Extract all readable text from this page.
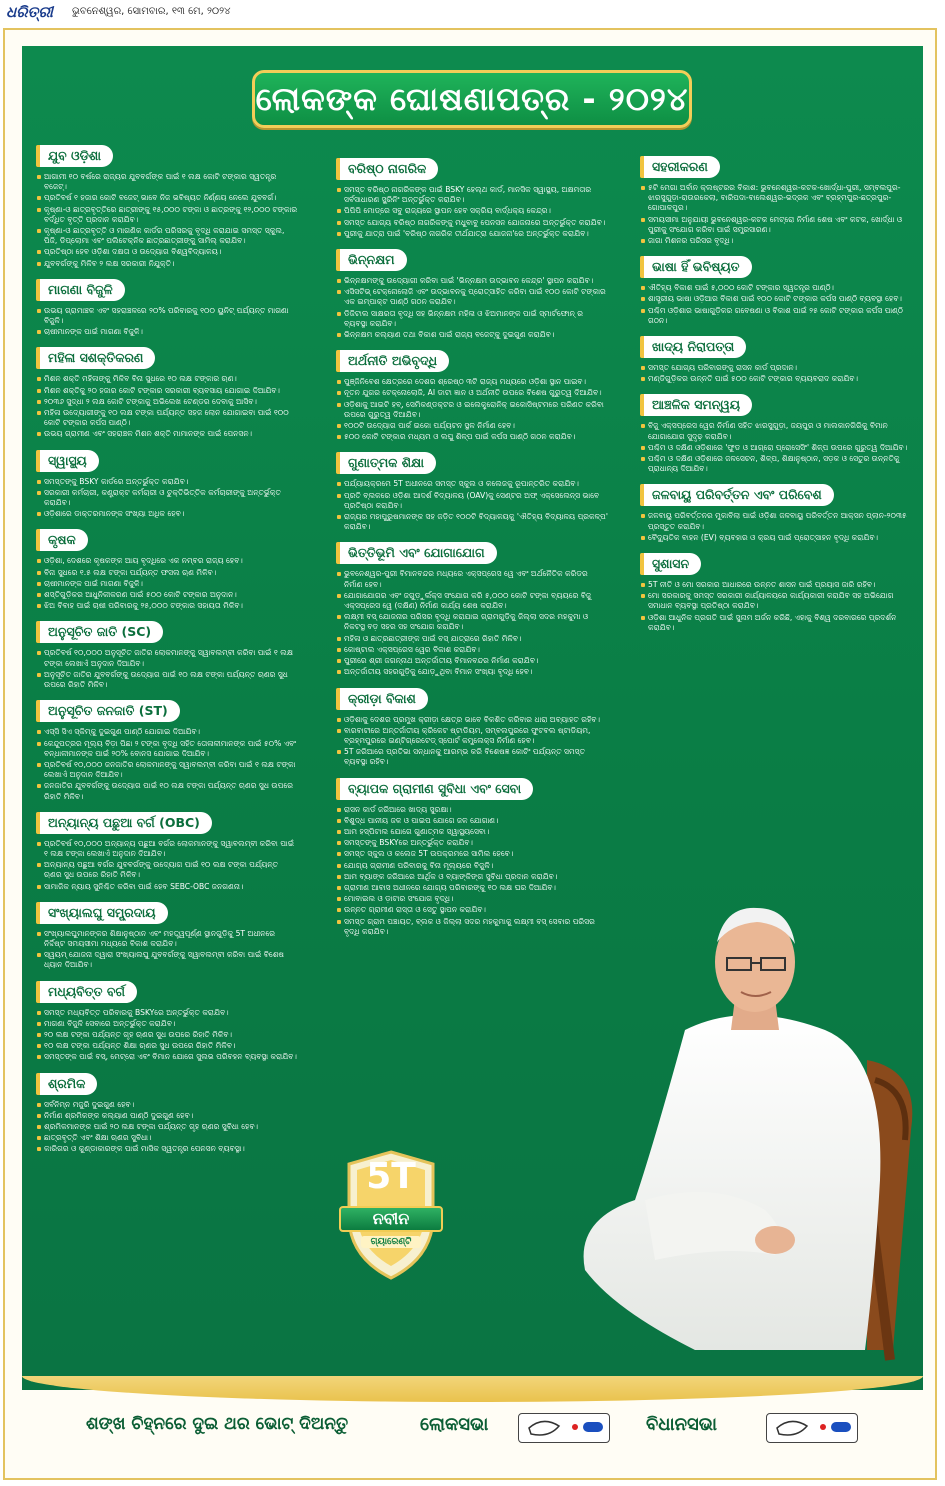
ଧରିତ୍ରୀ ଭୁବନେଶ୍ୱର, ସୋମବାର, ୧୩ ମେ, ୨୦୨୪
ଲୋକଙ୍କ ଘୋଷଣାପତ୍ର - ୨୦୨୪
ଯୁବ ଓଡ଼ିଶା
ଆଗାମୀ ୧୦ ବର୍ଷରେ ରାଜ୍ୟର ଯୁବବର୍ଗଙ୍କ ପାଇଁ ୧ ଲକ୍ଷ କୋଟି ଟଙ୍କାର ସ୍ୱତନ୍ତ୍ର ବଜେଟ୍।
ପ୍ରତିବର୍ଷ ୧ ହଜାର କୋଟି ବଜେଟ୍ ଭାବେ ନିଜ ଭବିଷ୍ୟତ ନିର୍ଣ୍ଣୟ ନେଲେ ଯୁବବର୍ଗ।
କୃଷ୍ଣା-ଓ ଛାତ୍ରବୃତ୍ତିରେ ଛାତ୍ରୀଙ୍କୁ ୧୫,୦୦୦ ଟଙ୍କା ଓ ଛାତ୍ରଙ୍କୁ ୧୨,୦୦୦ ଟଙ୍କାର ବର୍ଦ୍ଧିତ ବୃତ୍ତି ପ୍ରଦାନ କରାଯିବ।
କୃଷ୍ଣା-ଓ ଛାତ୍ରବୃତ୍ତି ଓ ମାଗଣିକ କାର୍ଡର ପରିସରକୁ ବୃଦ୍ଧି କରାଯାଇ ସମସ୍ତ ସ୍କୁଲ, ପିଜି, ଡିପ୍ଲୋମା ଏବଂ ପଲିଟେକ୍ନିକ ଛାତ୍ରଛାତ୍ରୀଙ୍କୁ ସାମିଲ୍ କରାଯିବ।
ପ୍ରତିଷ୍ଠା ହେବ ଓଡ଼ିଶା ଦକ୍ଷତା ଓ ଉଦ୍ୟୋଗ ବିଶ୍ୱବିଦ୍ୟାଳୟ।
ଯୁବବର୍ଗଙ୍କୁ ମିଳିବ ୨ ଲକ୍ଷ ସରକାରୀ ନିଯୁକ୍ତି।
ମାଗଣା ବିଜୁଳି
ଉଭୟ ଗ୍ରାମାଞ୍ଚଳ ଏବଂ ସହରାଞ୍ଚଳରେ ୨୦% ପରିବାରକୁ ୧୦୦ ୟୁନିଟ୍ ପର୍ଯ୍ୟନ୍ତ ମାଗଣା ବିଜୁଳି।
ଚାଷୀମାନଙ୍କ ପାଇଁ ମାଗଣା ବିଜୁଳି।
ମହିଳା ସଶକ୍ତିକରଣ
ମିଶନ ଶକ୍ତି ମହିଳାଙ୍କୁ ମିଳିବ ବିନା ସୁଧରେ ୧୦ ଲକ୍ଷ ଟଙ୍କାର ଋଣ।
ମିଶନ ଶକ୍ତିକୁ ୨୦ ହଜାର କୋଟି ଟଙ୍କାର ସରକାରୀ ବ୍ୟବସାୟ ଯୋଗାଇ ଦିଆଯିବ।
୨୦୩୬ ସୁଦ୍ଧା ୨ ଲକ୍ଷ କୋଟି ଟଙ୍କାକୁ ଅଭିଲେଖ ଟେଣ୍ଡର ଦେବାକୁ ଆସିବ।
ମହିଳା ଉଦ୍ୟୋଗୀଙ୍କୁ ୧୦ ଲକ୍ଷ ଟଙ୍କା ପର୍ଯ୍ୟନ୍ତ ସହଜ ଲୋନ ଯୋଗାଇବା ପାଇଁ ୧୦୦ କୋଟି ଟଙ୍କାର କର୍ପସ ପାଣ୍ଠି।
ଉଭୟ ଗ୍ରାମୀଣ ଏବଂ ସହରାଞ୍ଚଳ ମିଶନ ଶକ୍ତି ମାମାନଙ୍କ ପାଇଁ ପେନସନ।
ସ୍ୱାସ୍ଥ୍ୟ
ସମସ୍ତଙ୍କୁ BSKY କାର୍ଡରେ ଅନ୍ତର୍ଭୁକ୍ତ କରାଯିବ।
ସରକାରୀ କର୍ମଚାରୀ, କଣ୍ଟ୍ରାକ୍ଟ କର୍ମଚାରୀ ଓ ଚୁକ୍ତିଭିତ୍ତିକ କର୍ମଚାରୀଙ୍କୁ ଅନ୍ତର୍ଭୁକ୍ତ କରାଯିବ।
ଓଡ଼ିଶାରେ ଡାକ୍ତରମାନଙ୍କ ସଂଖ୍ୟା ଅଧିକ ହେବ।
କୃଷକ
ଓଡ଼ିଶା, ଦେଶରେ କୃଷକଙ୍କ ଆୟ ବୃଦ୍ଧିରେ ଏକ ନମ୍ବର ରାଜ୍ୟ ହେବ।
ବିନା ସୁଧରେ ୧.୫ ଲକ୍ଷ ଟଙ୍କା ପର୍ଯ୍ୟନ୍ତ ଫସଲ ଋଣ ମିଳିବ।
ଚାଷୀମାନଙ୍କ ପାଇଁ ମାଗଣା ବିଜୁଳି।
ଶସ୍ତିଗୁଡ଼ିକର ଆଧୁନିକୀକରଣ ପାଇଁ ୫୦୦ କୋଟି ଟଙ୍କାର ଅନୁଦାନ।
ଝିଅ ବିବାହ ପାଇଁ ଚାଷୀ ପରିବାରକୁ ୨୫,୦୦୦ ଟଙ୍କାର ସହାୟତା ମିଳିବ।
ଅନୁସୂଚିତ ଜାତି (SC)
ପ୍ରତିବର୍ଷ ୧୦,୦୦୦ ଅନୁସୂଚିତ ଜାତିର ଲୋକମାନଙ୍କୁ ସ୍ୱାବଲମ୍ବୀ କରିବା ପାଇଁ ୧ ଲକ୍ଷ ଟଙ୍କା ଲେଖାଏଁ ଅନୁଦାନ ଦିଆଯିବ।
ଅନୁସୂଚିତ ଜାତିର ଯୁବବର୍ଗଙ୍କୁ ଉଦ୍ୟୋଗ ପାଇଁ ୧୦ ଲକ୍ଷ ଟଙ୍କା ପର୍ଯ୍ୟନ୍ତ ଋଣର ସୁଧ ଉପରେ ରିହାତି ମିଳିବ।
ଅନୁସୂଚିତ ଜନଜାତି (ST)
ଏସ୍‌ସି ସିଏ ସ୍କିମ୍‌କୁ ଦୁଇଗୁଣ ପାଣ୍ଠି ଯୋଗାଇ ଦିଆଯିବ।
କେନ୍ଦୁପତ୍ରର ମୂଲ୍ୟ ବିଡ଼ା ପିଛା ୨ ଟଙ୍କା ବୃଦ୍ଧି ସହିତ ତୋଳାଳୀମାନଙ୍କ ପାଇଁ ୫୦% ଏବଂ ବନ୍ଧାଳୀମାନଙ୍କ ପାଇଁ ୨୦% ବୋନସ ଯୋଗାଇ ଦିଆଯିବ।
ପ୍ରତିବର୍ଷ ୧୦,୦୦୦ ଜନଜାତିର ଲୋକମାନଙ୍କୁ ସ୍ୱାବଲମ୍ବୀ କରିବା ପାଇଁ ୧ ଲକ୍ଷ ଟଙ୍କା ଲେଖାଏଁ ଅନୁଦାନ ଦିଆଯିବ।
ଜନଜାତିର ଯୁବବର୍ଗଙ୍କୁ ଉଦ୍ୟୋଗ ପାଇଁ ୧୦ ଲକ୍ଷ ଟଙ୍କା ପର୍ଯ୍ୟନ୍ତ ଋଣର ସୁଧ ଉପରେ ରିହାତି ମିଳିବ।
ଅନ୍ୟାନ୍ୟ ପଛୁଆ ବର୍ଗ (OBC)
ପ୍ରତିବର୍ଷ ୧୦,୦୦୦ ଅନ୍ୟାନ୍ୟ ପଛୁଆ ବର୍ଗର ଲୋକମାନଙ୍କୁ ସ୍ୱାବଲମ୍ବୀ କରିବା ପାଇଁ ୧ ଲକ୍ଷ ଟଙ୍କା ଲେଖାଏଁ ଅନୁଦାନ ଦିଆଯିବ।
ଅନ୍ୟାନ୍ୟ ପଛୁଆ ବର୍ଗର ଯୁବବର୍ଗଙ୍କୁ ଉଦ୍ୟୋଗ ପାଇଁ ୧୦ ଲକ୍ଷ ଟଙ୍କା ପର୍ଯ୍ୟନ୍ତ ଋଣର ସୁଧ ଉପରେ ରିହାତି ମିଳିବ।
ସାମାଜିକ ନ୍ୟାୟ ସୁନିଶ୍ଚିତ କରିବା ପାଇଁ ହେବ SEBC-OBC ଜନଗଣନା।
ସଂଖ୍ୟାଲଘୁ ସମ୍ପ୍ରଦାୟ
ସଂଖ୍ୟାଲଘୁମାନଙ୍କର ଶିକ୍ଷାନୁଷ୍ଠାନ ଏବଂ ମହତ୍ତ୍ୱପୂର୍ଣ୍ଣ ସ୍ଥାନଗୁଡ଼ିକୁ 5T ଅଧୀନରେ ନିର୍ଦ୍ଦିଷ୍ଟ ସମୟସୀମା ମଧ୍ୟରେ ବିକାଶ କରାଯିବ।
ସ୍ୱୟମ୍ ଯୋଜନା ଦ୍ୱାରା ସଂଖ୍ୟାଲଘୁ ଯୁବବର୍ଗଙ୍କୁ ସ୍ୱାବଲମ୍ବୀ କରିବା ପାଇଁ ବିଶେଷ ଧ୍ୟାନ ଦିଆଯିବ।
ମଧ୍ୟବିତ୍ତ ବର୍ଗ
ସମସ୍ତ ମଧ୍ୟବିତ୍ତ ପରିବାରକୁ BSKYରେ ଅନ୍ତର୍ଭୁକ୍ତ କରାଯିବ।
ମାଗଣା ବିଜୁଳି ସେବାରେ ଅନ୍ତର୍ଭୁକ୍ତ କରାଯିବ।
୨୦ ଲକ୍ଷ ଟଙ୍କା ପର୍ଯ୍ୟନ୍ତ ଗୃହ ଋଣର ସୁଧ ଉପରେ ରିହାତି ମିଳିବ।
୧୦ ଲକ୍ଷ ଟଙ୍କା ପର୍ଯ୍ୟନ୍ତ ଶିକ୍ଷା ଋଣର ସୁଧ ଉପରେ ରିହାତି ମିଳିବ।
ସମସ୍ତଙ୍କ ପାଇଁ ବସ୍, ମେଟ୍ରୋ ଏବଂ ବିମାନ ଯୋଗେ ସୁଲଭ ପରିବହନ ବ୍ୟବସ୍ଥା କରାଯିବ।
ଶ୍ରମିକ
ସର୍ବନିମ୍ନ ମଜୁରି ଦୁଇଗୁଣ ହେବ।
ନିର୍ମାଣ ଶ୍ରମିକଙ୍କ କଲ୍ୟାଣ ପାଣ୍ଠି ଦୁଇଗୁଣ ହେବ।
ଶ୍ରମିକମାନଙ୍କ ପାଇଁ ୨୦ ଲକ୍ଷ ଟଙ୍କା ପର୍ଯ୍ୟନ୍ତ ଗୃହ ଋଣର ସୁବିଧା ହେବ।
ଛାତ୍ରବୃତ୍ତି ଏବଂ ଶିକ୍ଷା ଋଣର ସୁବିଧା।
କାରିଗର ଓ କୁଣ୍ଡାକାରଙ୍କ ପାଇଁ ମାସିକ ସ୍ୱତନ୍ତ୍ର ପେନସନ ବ୍ୟବସ୍ଥା।
ବରିଷ୍ଠ ନାଗରିକ
ସମସ୍ତ ବରିଷ୍ଠ ନାଗରିକଙ୍କ ପାଇଁ BSKY ହେଲ୍ଥ କାର୍ଡ, ମାନସିକ ସ୍ୱାସ୍ଥ୍ୟ, ଅକ୍ଷମତାର ସର୍ବସାଧାରଣ ସ୍କ୍ରିନିଂ ଅନ୍ତର୍ଭୁକ୍ତ କରାଯିବ।
ପିପିପି ମୋଡ୍‌ରେ ସବୁ ରାଜ୍ୟରେ ସ୍ଥାପନ ହେବ ସକ୍ରିୟ ବାର୍ଦ୍ଧକ୍ୟ କେନ୍ଦ୍ର।
ସମସ୍ତ ଯୋଗ୍ୟ ବରିଷ୍ଠ ନାଗରିକଙ୍କୁ ମଧୁବାବୁ ପେନସନ ଯୋଜନାରେ ଅନ୍ତର୍ଭୁକ୍ତ କରାଯିବ।
ପୁରୀକୁ ଯାତ୍ରା ପାଇଁ 'ବରିଷ୍ଠ ନାଗରିକ ତୀର୍ଥଯାତ୍ରା ଯୋଜନା'ରେ ଅନ୍ତର୍ଭୁକ୍ତ କରାଯିବ।
ଭିନ୍ନକ୍ଷମ
ଭିନ୍ନକ୍ଷମଙ୍କୁ ଉଦ୍ୟୋଗୀ କରିବା ପାଇଁ 'ଭିନ୍ନକ୍ଷମ ଉଦ୍ଭାବନ କେନ୍ଦ୍ର' ସ୍ଥାପନ କରାଯିବ।
ଏସିସଟିଭ୍ ଟେକ୍ନୋଲୋଜି ଏବଂ ଉଦ୍ଭାବନକୁ ପ୍ରୋତ୍ସାହିତ କରିବା ପାଇଁ ୧୦୦ କୋଟି ଟଙ୍କାର ଏକ ଇମ୍ପାକ୍ଟ ପାଣ୍ଠି ଗଠନ କରାଯିବ।
ଡିଜିଟାଲ ସାକ୍ଷରତା ବୃଦ୍ଧି ସହ ଭିନ୍ନକ୍ଷମ ମହିଳା ଓ ଝିଅମାନଙ୍କ ପାଇଁ ସ୍ମାର୍ଟଫୋନ୍ ର ବ୍ୟବସ୍ଥା କରାଯିବ।
ଭିନ୍ନକ୍ଷମ କଲ୍ୟାଣ ତଥା ବିକାଶ ପାଇଁ ରାଜ୍ୟ ବଜେଟ୍‌କୁ ଦୁଇଗୁଣ କରାଯିବ।
ଅର୍ଥନୀତି ଅଭିବୃଦ୍ଧି
ପୁଞ୍ଜିନିବେଶ କ୍ଷେତ୍ରରେ ଦେଶର ଶ୍ରେଷ୍ଠ ୩ଟି ରାଜ୍ୟ ମଧ୍ୟରେ ଓଡ଼ିଶା ସ୍ଥାନ ପାଇବ।
ନୂତନ ଯୁଗର ଟେକ୍ନୋଲୋଜି, AI ଡାଟା ଜ୍ଞାନ ଓ ଅର୍ଥନୀତି ଉପରେ ବିଶେଷ ଗୁରୁତ୍ୱ ଦିଆଯିବ।
ଓଡ଼ିଶାକୁ ଆଇଟି ହବ୍, ସେମିକଣ୍ଡକ୍ଟର ଓ ଇଲେକ୍ଟ୍ରୋନିକ୍ ଇକୋସିଷ୍ଟମରେ ପରିଣତ କରିବା ଉପରେ ଗୁରୁତ୍ୱ ଦିଆଯିବ।
୧୦୦ଟି ଉଦ୍ୟୋଗ ପାର୍କ ଇକୋ ପର୍ଯ୍ୟଟନ ସ୍ଥଳ ନିର୍ମାଣ ହେବ।
୫୦୦ କୋଟି ଟଙ୍କାର ମଧ୍ୟମ ଓ ଲଘୁ ଶିଳ୍ପ ପାଇଁ କର୍ପସ ପାଣ୍ଠି ଗଠନ କରାଯିବ।
ଗୁଣାତ୍ମକ ଶିକ୍ଷା
ପର୍ଯ୍ୟାୟକ୍ରମେ 5T ଅଧୀନରେ ସମସ୍ତ ସ୍କୁଲ ଓ କଲେଜକୁ ରୂପାନ୍ତରିତ କରାଯିବ।
ପ୍ରତି ବ୍ଲକରେ ଓଡ଼ିଶା ଆଦର୍ଶ ବିଦ୍ୟାଳୟ (OAV)କୁ ସେଣ୍ଟର ଅଫ୍ ଏକ୍ସେଲେନ୍ସ ଭାବେ ପ୍ରତିଷ୍ଠା କରାଯିବ।
ରାଜ୍ୟର ମହାପୁରୁଷମାନଙ୍କ ସହ ଜଡ଼ିତ ୧୦୦ଟି ବିଦ୍ୟାଳୟକୁ 'ଐତିହ୍ୟ ବିଦ୍ୟାଳୟ ପ୍ରକଳ୍ପ' କରାଯିବ।
ଭିତ୍ତିଭୂମି ଏବଂ ଯୋଗାଯୋଗ
ଭୁବନେଶ୍ୱର-ପୁରୀ ବିମାନବନ୍ଦର ମଧ୍ୟରେ ଏକ୍ସପ୍ରେସ ୱେ ଏବଂ ଅର୍ଥନୈତିକ କରିଡର ନିର୍ମାଣ ହେବ।
ଯୋଗାଯୋଗର ଏବଂ ଜଗୁଡ଼ୁର୍ଲକ୍ସ ସଂଯୋଗ କରି ୫,୦୦୦ କୋଟି ଟଙ୍କା ବ୍ୟୟରେ ବିଜୁ ଏକ୍ସପ୍ରେସ ୱେ (ଦକ୍ଷିଣ) ନିର୍ମାଣ କାର୍ଯ୍ୟ ଶେଷ କରାଯିବ।
ଲକ୍ଷ୍ମୀ ବସ୍ ଯୋଜନାର ପରିସର ବୃଦ୍ଧି କରାଯାଇ ଗ୍ରାମଗୁଡ଼ିକୁ ଜିଲ୍ଲା ସଦର ମହକୁମା ଓ ନିକଟସ୍ଥ ବଡ଼ ସହର ସହ ସଂଯୋଗ କରାଯିବ।
ମହିଳା ଓ ଛାତ୍ରଛାତ୍ରୀଙ୍କ ପାଇଁ ବସ୍ ଯାତ୍ରାରେ ରିହାତି ମିଳିବ।
କୋଷ୍ଟାଲ ଏକ୍ସପ୍ରେସ ୱେର ବିକାଶ କରାଯିବ।
ପୁରୀରେ ଶ୍ରୀ ଜଗନ୍ନାଥ ଅନ୍ତର୍ଜାତୀୟ ବିମାନବନ୍ଦର ନିର୍ମାଣ କରାଯିବ।
ଅନ୍ତର୍ଜାତୀୟ ସହରଗୁଡ଼ିକୁ ଯୋଡ଼ୁଥିବା ବିମାନ ସଂଖ୍ୟା ବୃଦ୍ଧି ହେବ।
କ୍ରୀଡ଼ା ବିକାଶ
ଓଡ଼ିଶାକୁ ଦେଶର ପ୍ରମୁଖ କ୍ରୀଡ଼ା କ୍ଷେତ୍ର ଭାବେ ବିକଶିତ କରିବାର ଧାରା ଅବ୍ୟାହତ ରହିବ।
ବାରବାଟୀରେ ଅନ୍ତର୍ଜାତୀୟ କ୍ରିକେଟ ଷ୍ଟାଡିୟମ, ସମ୍ବଲପୁରରେ ଫୁଟବଲ ଷ୍ଟାଡିୟମ, ବ୍ରହ୍ମପୁରରେ ଇଣ୍ଟିଗ୍ରେଟେଡ୍ ସ୍ପୋର୍ଟ କମ୍ପ୍ଲେକ୍ସ ନିର୍ମାଣ ହେବ।
5T ଜରିଆରେ ପ୍ରତିଭା ସନ୍ଧାନକୁ ଆରମ୍ଭ କରି ବିଶେଷଜ୍ଞ କୋଚିଂ ପର୍ଯ୍ୟନ୍ତ ସମସ୍ତ ବ୍ୟବସ୍ଥା ରହିବ।
ବ୍ୟାପକ ଗ୍ରାମୀଣ ସୁବିଧା ଏବଂ ସେବା
ରାସନ କାର୍ଡ ଜରିଆରେ ଖାଦ୍ୟ ସୁରକ୍ଷା।
ବିଶୁଦ୍ଧ ପାନୀୟ ଜଳ ଓ ପାଇପ ଯୋଗେ ଜଳ ଯୋଗାଣ।
ଆମ ହସ୍ପିଟାଲ ଯୋଗେ ଗୁଣାତ୍ମକ ସ୍ୱାସ୍ଥ୍ୟସେବା।
ସମସ୍ତଙ୍କୁ BSKYରେ ଅନ୍ତର୍ଭୁକ୍ତ କରାଯିବ।
ସମସ୍ତ ସ୍କୁଲ ଓ କଲେଜ 5T ଉପକ୍ରମରେ ସାମିଲ ହେବେ।
ଯୋଗ୍ୟ ଗ୍ରାମୀଣ ପରିବାରକୁ ବିନା ମୂଲ୍ୟରେ ବିଜୁଳି।
ଆମ ବ୍ୟାଙ୍କ ଜରିଆରେ ଆର୍ଥିକ ଓ ବ୍ୟାଙ୍କିଙ୍ଗ ସୁବିଧା ପ୍ରଦାନ କରାଯିବ।
ଗ୍ରାମୀଣ ଆବାସ ଅଧୀନରେ ଯୋଗ୍ୟ ପରିବାରଙ୍କୁ ୧୦ ଲକ୍ଷ ଘର ଦିଆଯିବ।
ମୋବାଇଲ ଓ ଡ଼ାଟାର ସଂଯୋଗ ବୃଦ୍ଧି।
ଉନ୍ନତ ଗ୍ରାମୀଣ ରାସ୍ତା ଓ ସେତୁ ସ୍ଥାପନ କରାଯିବ।
ସମସ୍ତ ଗ୍ରାମ ପଞ୍ଚାୟତ, ବ୍ଲକ ଓ ଜିଲ୍ଲା ସଦର ମହକୁମାକୁ ଲକ୍ଷ୍ମୀ ବସ୍ ସେବାର ପରିସର ବୃଦ୍ଧି କରାଯିବ।
ସହରୀକରଣ
୫ଟି ମେଗା ଅର୍ବାନ କ୍ଲଷ୍ଟରର ବିକାଶ: ଭୁବନେଶ୍ୱର-କଟକ-ଖୋର୍ଦ୍ଧା-ପୁରୀ, ସମ୍ବଲପୁର-ଝାରସୁଗୁଡ଼ା-ରାଉରକେଲା, ବାରିପଦା-ବାଲେଶ୍ୱର-ଭଦ୍ରକ ଏବଂ ବ୍ରହ୍ମପୁର-ଛତ୍ରପୁର-ଗୋପାଳପୁର।
ସମୟସୀମା ଅନୁଯାୟୀ ଭୁବନେଶ୍ୱର-କଟକ ମେଟ୍ରୋ ନିର୍ମାଣ ଶେଷ ଏବଂ କଟକ, ଖୋର୍ଦ୍ଧା ଓ ପୁରୀକୁ ସଂଯୋଗ କରିବା ପାଇଁ ସମ୍ପ୍ରସାରଣ।
ଜାଗା ମିଶନର ପରିସର ବୃଦ୍ଧି।
ଭାଷା ହିଁ ଭବିଷ୍ୟତ
ଐତିହ୍ୟ ବିକାଶ ପାଇଁ ୫,୦୦୦ କୋଟି ଟଙ୍କାର ସ୍ୱତନ୍ତ୍ର ପାଣ୍ଠି।
ଶାସ୍ତ୍ରୀୟ ଭାଷା ଓଡ଼ିଆର ବିକାଶ ପାଇଁ ୧୦୦ କୋଟି ଟଙ୍କାର କର୍ପସ ପାଣ୍ଠି ବ୍ୟବସ୍ଥା ହେବ।
ପଶ୍ଚିମ ଓଡ଼ିଶାର ଭାଷାଗୁଡ଼ିକର ଗବେଷଣା ଓ ବିକାଶ ପାଇଁ ୨୫ କୋଟି ଟଙ୍କାର କର୍ପସ ପାଣ୍ଠି ଗଠନ।
ଖାଦ୍ୟ ନିରାପତ୍ତା
ସମସ୍ତ ଯୋଗ୍ୟ ପରିବାରଙ୍କୁ ରାସନ କାର୍ଡ ପ୍ରଦାନ।
ମଣ୍ଡିଗୁଡ଼ିକର ଉନ୍ନତି ପାଇଁ ୫୦୦ କୋଟି ଟଙ୍କାର ବ୍ୟୟବରାଦ କରାଯିବ।
ଆଞ୍ଚଳିକ ସମନ୍ୱୟ
ବିଜୁ ଏକ୍ସପ୍ରେସ ୱେର ନିର୍ମାଣ ସହିତ ଝାରସୁଗୁଡ଼ା, ଜୟପୁର ଓ ମାଲକାନଗିରିକୁ ବିମାନ ଯୋଗାଯୋଗ ସୁଦୃଢ଼ କରାଯିବ।
ପଶ୍ଚିମ ଓ ଦକ୍ଷିଣ ଓଡ଼ିଶାରେ 'ଫୁଡ ଓ ଆଗ୍ରୋ ପ୍ରୋସେସିଂ' ଶିଳ୍ପ ଉପରେ ଗୁରୁତ୍ୱ ଦିଆଯିବ।
ପଶ୍ଚିମ ଓ ଦକ୍ଷିଣ ଓଡ଼ିଶାରେ ଜଳସେଚନ, ଶିଳ୍ପ, ଶିକ୍ଷାନୁଷ୍ଠାନ, ସଡ଼କ ଓ ସେତୁର ଉନ୍ନତିକୁ ପ୍ରାଧାନ୍ୟ ଦିଆଯିବ।
ଜଳବାୟୁ ପରିବର୍ତ୍ତନ ଏବଂ ପରିବେଶ
ଜଳବାୟୁ ପରିବର୍ତ୍ତନର ମୁକାବିଲା ପାଇଁ ଓଡ଼ିଶା ଜଳବାୟୁ ପରିବର୍ତ୍ତନ ଆକ୍ସନ ପ୍ଲାନ-୨୦୩୫ ପ୍ରସ୍ତୁତ କରାଯିବ।
ବୈଦ୍ୟୁତିକ ବାହନ (EV) ବ୍ୟବହାର ଓ କ୍ରୟ ପାଇଁ ପ୍ରୋତ୍ସାହନ ବୃଦ୍ଧି କରାଯିବ।
ସୁଶାସନ
5T ନୀତି ଓ ମୋ ସରକାର ଆଧାରରେ ଉନ୍ନତ ଶାସନ ପାଇଁ ପ୍ରୟାସ ଜାରି ରହିବ।
ମୋ ସରକାରକୁ ସମସ୍ତ ସରକାରୀ କାର୍ଯ୍ୟାଳୟରେ କାର୍ଯ୍ୟକାରୀ କରାଯିବ ସହ ଅଭିଯୋଗ ସମାଧାନ ବ୍ୟବସ୍ଥା ପ୍ରତିଷ୍ଠା କରାଯିବ।
ଓଡ଼ିଶା ଆଧୁନିକ ପ୍ରଗତି ପାଇଁ ସୁନାମ ଅର୍ଜନ କରିଛି, ଏହାକୁ ବିଶ୍ୱ ଦରବାରରେ ପ୍ରଦର୍ଶନ କରାଯିବ।
5T
ନବୀନ
ଗ୍ୟାରେଣ୍ଟି
ଶଙ୍ଖ ଚିହ୍ନରେ ଦୁଇ ଥର ଭୋଟ୍ ଦିଅନ୍ତୁ	ଲୋକସଭା	ବିଧାନସଭା
